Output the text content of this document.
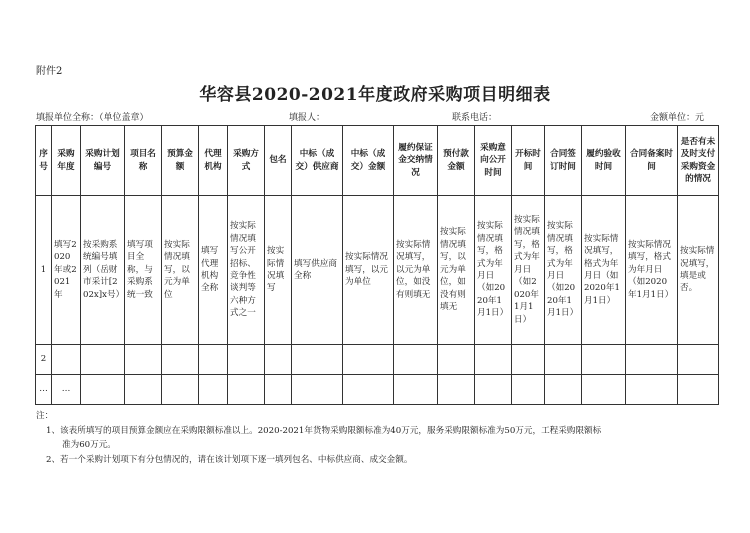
附件2
华容县2020-2021年度政府采购项目明细表
填报单位全称：（单位盖章）	填报人：	联系电话：	金额单位：元
序号	采购年度	采购计划编号	项目名称	预算金额	代理机构	采购方式	包名	中标（成交）供应商	中标（成交）金额	履约保证金交纳情况	预付款金额	采购意向公开时间	开标时间	合同签订时间	履约验收时间	合同备案时间	是否有未及时支付采购资金的情况
1	填写2020年或2021年	按采购系统编号填列（岳财市采计[202x]x号）	填写项目全称，与采购系统一致	按实际情况填写，以元为单位	填写代理机构全称	按实际情况填写公开招标、竞争性谈判等六种方式之一	按实际情况填写	填写供应商全称	按实际情况填写，以元为单位	按实际情况填写，以元为单位，如没有则填无	按实际情况填写，以元为单位，如没有则填无	按实际情况填写，格式为年月日（如2020年1月1日）	按实际情况填写，格式为年月日（如2020年1月1日）	按实际情况填写，格式为年月日（如2020年1月1日）	按实际情况填写，格式为年月日（如2020年1月1日）	按实际情况填写，格式为年月日（如2020年1月1日）	按实际情况填写，填是或否。
2																	
…	…																
注：
1、该表所填写的项目预算金额应在采购限额标准以上。2020-2021年货物采购限额标准为40万元，服务采购限额标准为50万元，工程采购限额标
准为60万元。
2、若一个采购计划项下有分包情况的，请在该计划项下逐一填列包名、中标供应商、成交金额。
